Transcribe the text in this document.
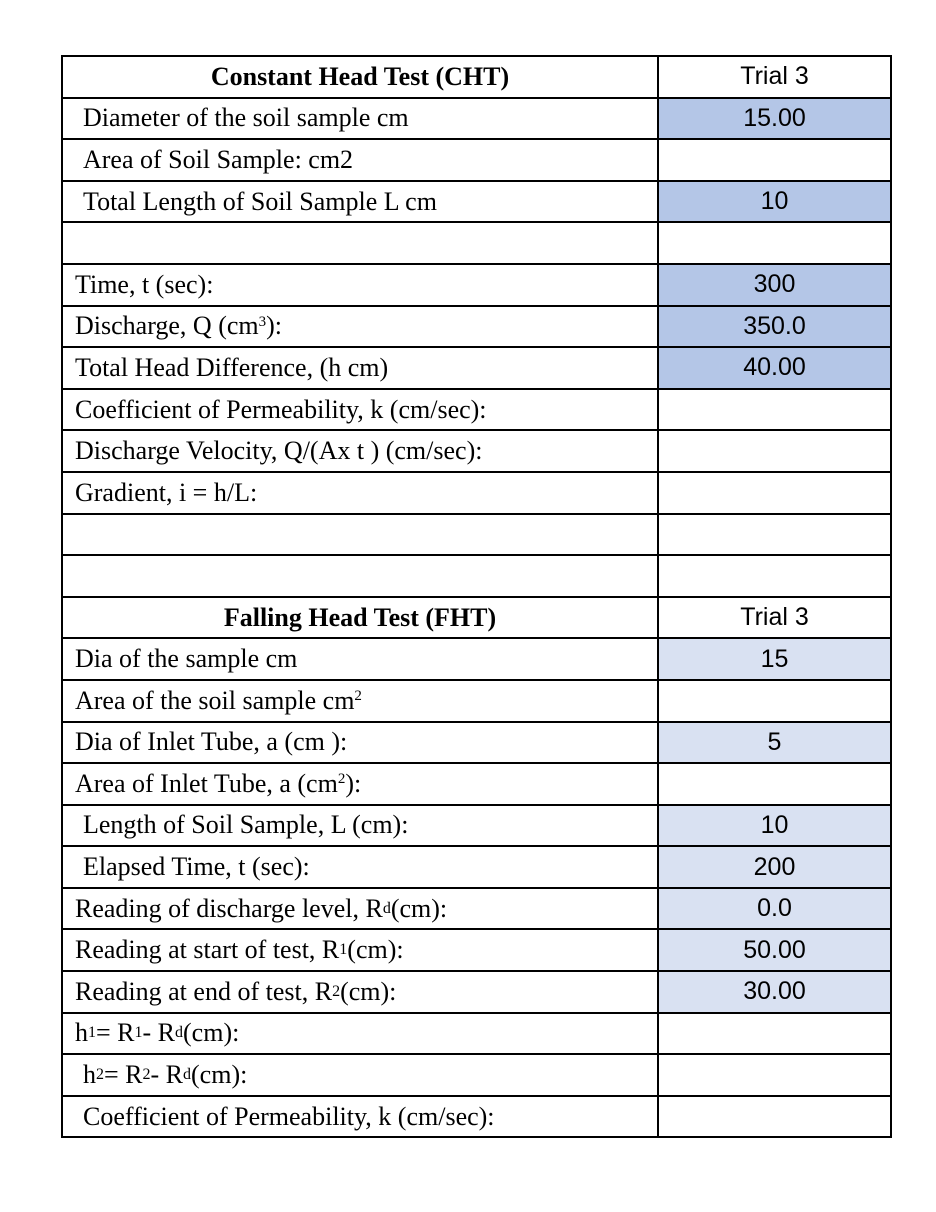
Constant Head Test (CHT)	Trial 3
Diameter of the soil sample cm	15.00
Area of Soil Sample: cm2
Total Length of Soil Sample L cm	10
Time, t (sec):	300
Discharge, Q ($cm^3$ ):	350.0
Total Head Difference, (h cm)	40.00
Coefficient of Permeability, k (cm/sec):
Discharge Velocity, Q/(Ax t ) (cm/sec):
Gradient, i = h/L:
Falling Head Test (FHT)	Trial 3
Dia of the sample cm	15
Area of the soil sample $cm^2$
Dia of Inlet Tube, a (cm ):	5
Area of Inlet Tube, a ($cm^2$ ):
Length of Soil Sample, L (cm):	10
Elapsed Time, t (sec):	200
Reading of discharge level, R d (cm):	0.0
Reading at start of test, R 1 (cm):	50.00
Reading at end of test, R 2 (cm):	30.00
h 1 = R 1 - R d (cm):
h 2 = R 2 - R d (cm):
Coefficient of Permeability, k (cm/sec):
